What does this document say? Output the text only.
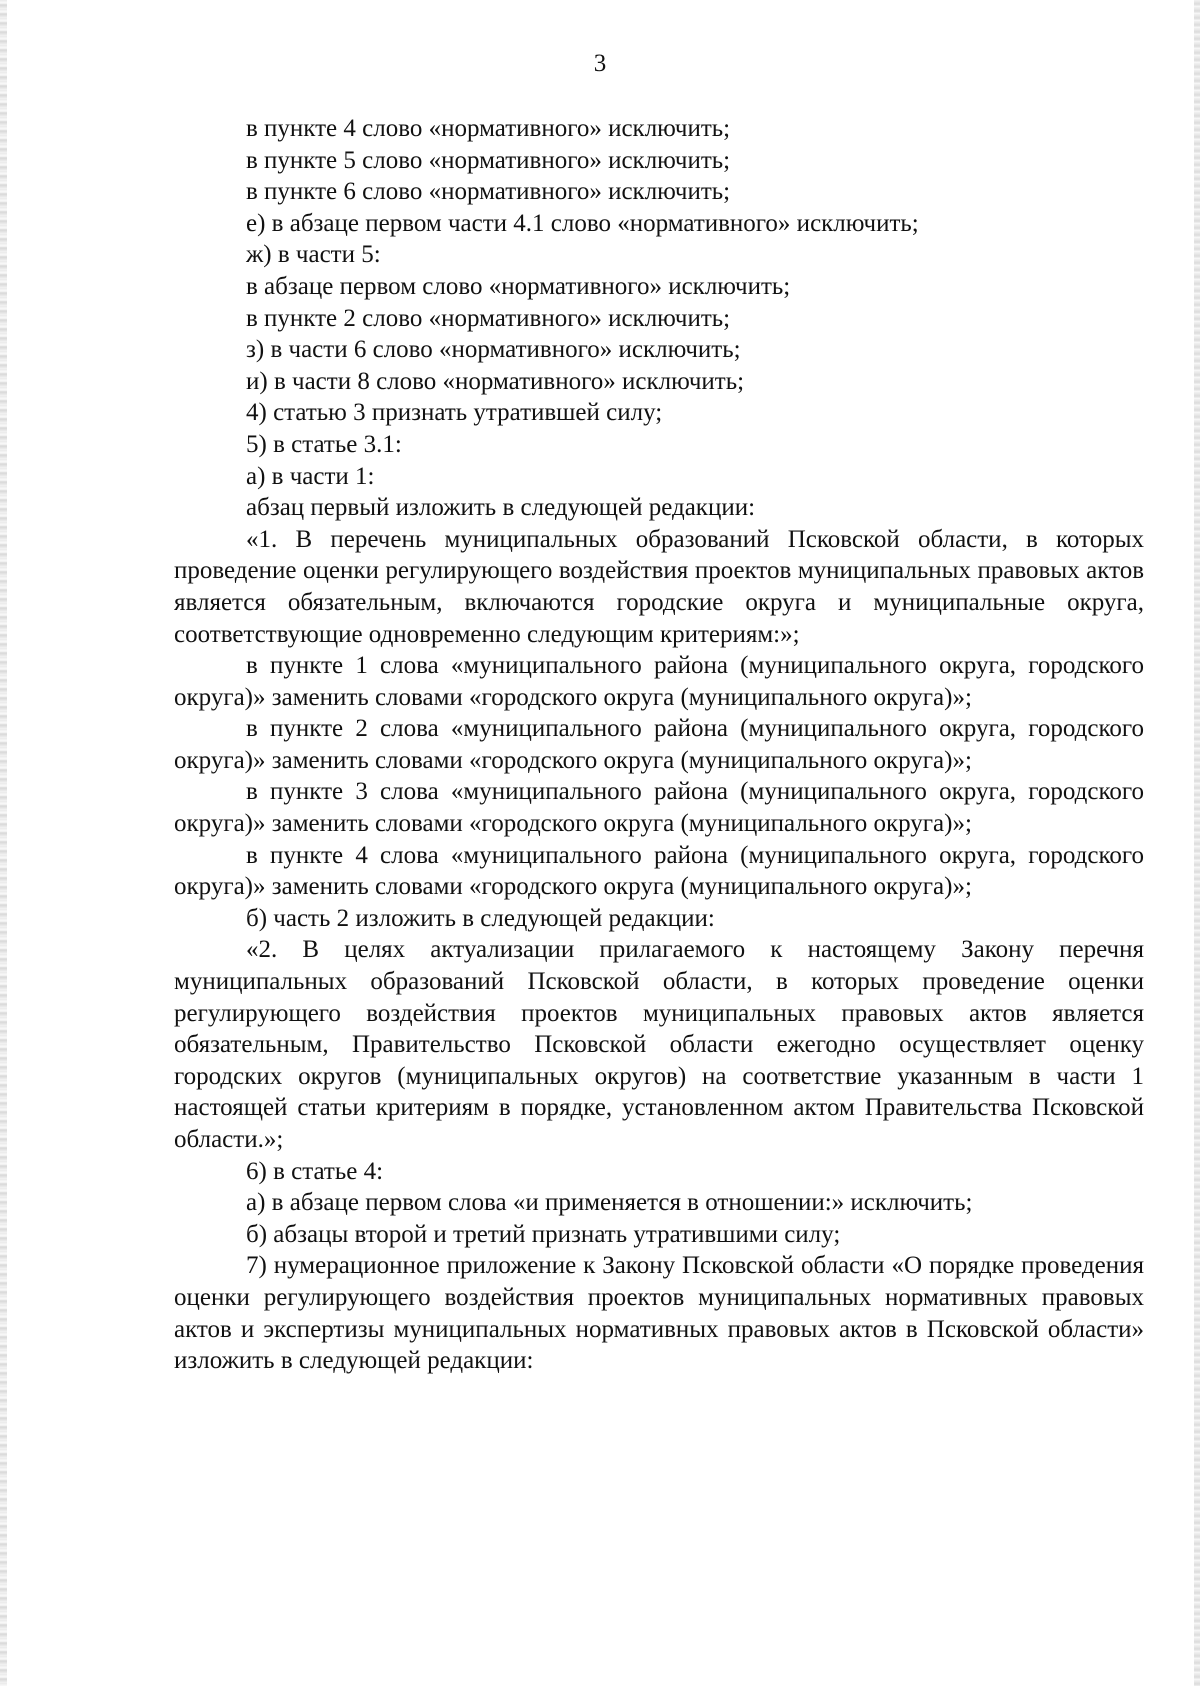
3

в пункте 4 слово «нормативного» исключить;

в пункте 5 слово «нормативного» исключить;

в пункте 6 слово «нормативного» исключить;

е) в абзаце первом части 4.1 слово «нормативного» исключить;

ж) в части 5:

в абзаце первом слово «нормативного» исключить;

в пункте 2 слово «нормативного» исключить;

з) в части 6 слово «нормативного» исключить;

и) в части 8 слово «нормативного» исключить;

4) статью 3 признать утратившей силу;

5) в статье 3.1:

а) в части 1:

абзац первый изложить в следующей редакции:

«1. В перечень муниципальных образований Псковской области, в которых проведение оценки регулирующего воздействия проектов муниципальных правовых актов является обязательным, включаются городские округа и муниципальные округа, соответствующие одновременно следующим критериям:»;

в пункте 1 слова «муниципального района (муниципального округа, городского округа)» заменить словами «городского округа (муниципального округа)»;

в пункте 2 слова «муниципального района (муниципального округа, городского округа)» заменить словами «городского округа (муниципального округа)»;

в пункте 3 слова «муниципального района (муниципального округа, городского округа)» заменить словами «городского округа (муниципального округа)»;

в пункте 4 слова «муниципального района (муниципального округа, городского округа)» заменить словами «городского округа (муниципального округа)»;

б) часть 2 изложить в следующей редакции:

«2. В целях актуализации прилагаемого к настоящему Закону перечня муниципальных образований Псковской области, в которых проведение оценки регулирующего воздействия проектов муниципальных правовых актов является обязательным, Правительство Псковской области ежегодно осуществляет оценку городских округов (муниципальных округов) на соответствие указанным в части 1 настоящей статьи критериям в порядке, установленном актом Правительства Псковской области.»;

6) в статье 4:

а) в абзаце первом слова «и применяется в отношении:» исключить;

б) абзацы второй и третий признать утратившими силу;

7) нумерационное приложение к Закону Псковской области «О порядке проведения оценки регулирующего воздействия проектов муниципальных нормативных правовых актов и экспертизы муниципальных нормативных правовых актов в Псковской области» изложить в следующей редакции:
